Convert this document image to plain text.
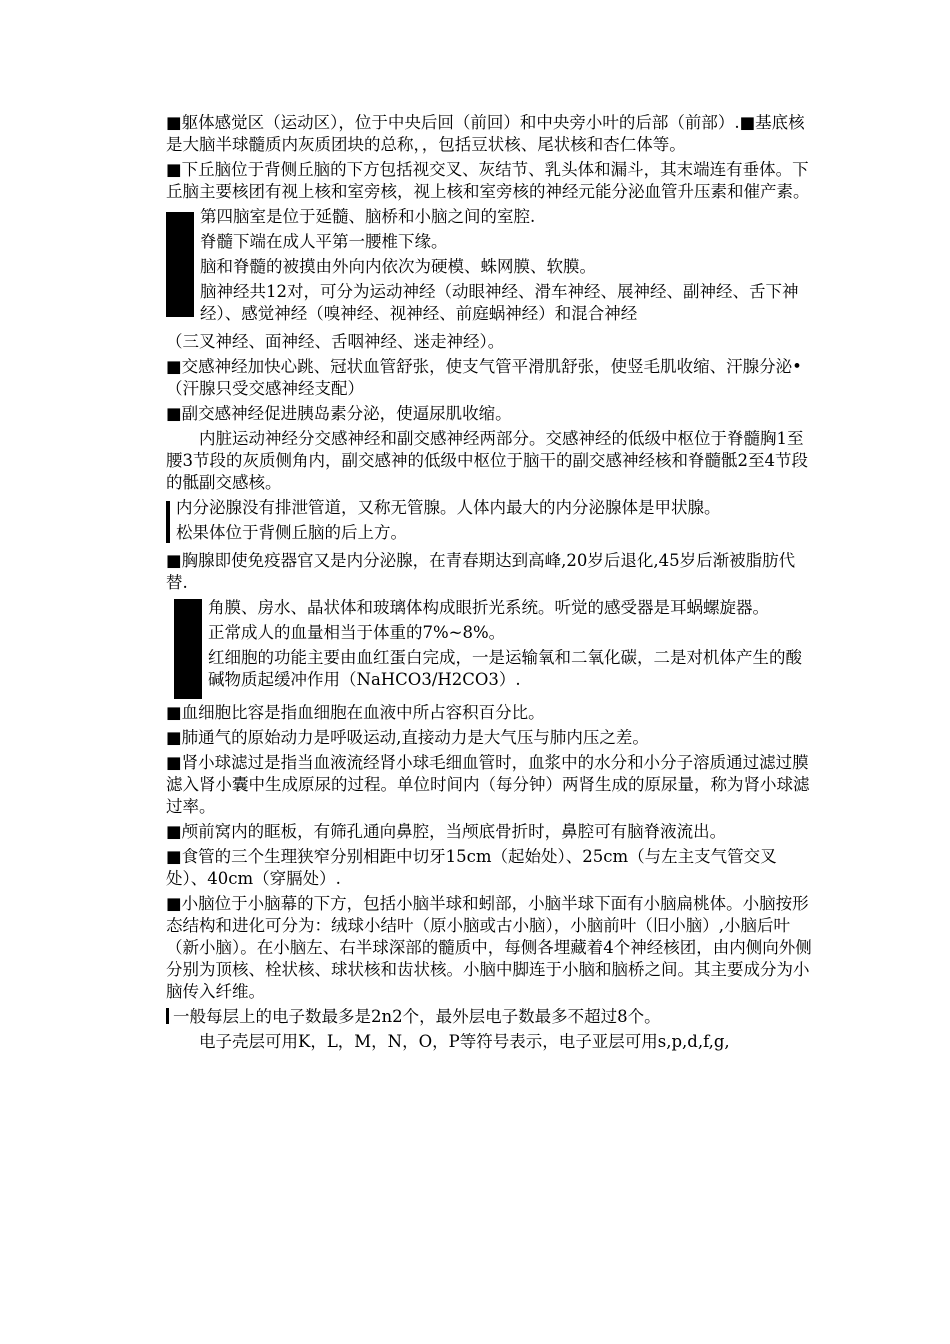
■躯体感觉区（运动区），位于中央后回（前回）和中央旁小叶的后部（前部）.■基底核是大脑半球髓质内灰质团块的总称，，包括豆状核、尾状核和杏仁体等。

■下丘脑位于背侧丘脑的下方包括视交叉、灰结节、乳头体和漏斗，其末端连有垂体。下丘脑主要核团有视上核和室旁核，视上核和室旁核的神经元能分泌血管升压素和催产素。

第四脑室是位于延髓、脑桥和小脑之间的室腔.

脊髓下端在成人平第一腰椎下缘。

脑和脊髓的被摸由外向内依次为硬模、蛛网膜、软膜。

脑神经共12对，可分为运动神经（动眼神经、滑车神经、展神经、副神经、舌下神经）、感觉神经（嗅神经、视神经、前庭蜗神经）和混合神经

（三叉神经、面神经、舌咽神经、迷走神经）。

■交感神经加快心跳、冠状血管舒张，使支气管平滑肌舒张，使竖毛肌收缩、汗腺分泌•（汗腺只受交感神经支配）

■副交感神经促进胰岛素分泌，使逼尿肌收缩。

内脏运动神经分交感神经和副交感神经两部分。交感神经的低级中枢位于脊髓胸1至腰3节段的灰质侧角内，副交感神的低级中枢位于脑干的副交感神经核和脊髓骶2至4节段的骶副交感核。

内分泌腺没有排泄管道，又称无管腺。人体内最大的内分泌腺体是甲状腺。

松果体位于背侧丘脑的后上方。

■胸腺即使免疫器官又是内分泌腺，在青春期达到高峰,20岁后退化,45岁后渐被脂肪代替.

角膜、房水、晶状体和玻璃体构成眼折光系统。听觉的感受器是耳蜗螺旋器。

正常成人的血量相当于体重的7%~8%。

红细胞的功能主要由血红蛋白完成，一是运输氧和二氧化碳，二是对机体产生的酸碱物质起缓冲作用（NaHCO3/H2CO3）.

■血细胞比容是指血细胞在血液中所占容积百分比。

■肺通气的原始动力是呼吸运动,直接动力是大气压与肺内压之差。

■肾小球滤过是指当血液流经肾小球毛细血管时，血浆中的水分和小分子溶质通过滤过膜滤入肾小囊中生成原尿的过程。单位时间内（每分钟）两肾生成的原尿量，称为肾小球滤过率。

■颅前窝内的眶板，有筛孔通向鼻腔，当颅底骨折时，鼻腔可有脑脊液流出。

■食管的三个生理狭窄分别相距中切牙15cm（起始处）、25cm（与左主支气管交叉处）、40cm（穿膈处）.

■小脑位于小脑幕的下方，包括小脑半球和蚓部，小脑半球下面有小脑扁桃体。小脑按形态结构和进化可分为：绒球小结叶（原小脑或古小脑），小脑前叶（旧小脑）,小脑后叶（新小脑）。在小脑左、右半球深部的髓质中，每侧各埋藏着4个神经核团，由内侧向外侧分别为顶核、栓状核、球状核和齿状核。小脑中脚连于小脑和脑桥之间。其主要成分为小脑传入纤维。

一般每层上的电子数最多是2n2个，最外层电子数最多不超过8个。

电子壳层可用K，L，M，N，O，P等符号表示，电子亚层可用s,p,d,f,g,
